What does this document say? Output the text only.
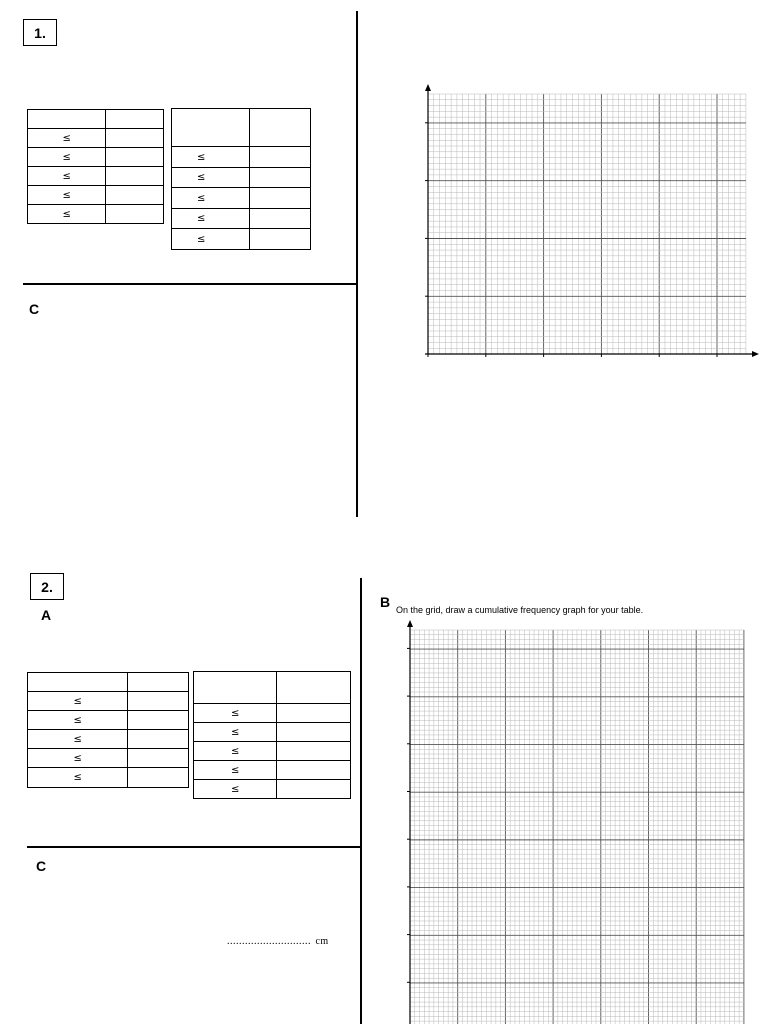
1.

≤	
≤	
≤	
≤	
≤	

≤	
≤	
≤	
≤	
≤	
C
2.
A

≤	
≤	
≤	
≤	
≤	

≤	
≤	
≤	
≤	
≤	
C
............................ cm
B On the grid, draw a cumulative frequency graph for your table.
